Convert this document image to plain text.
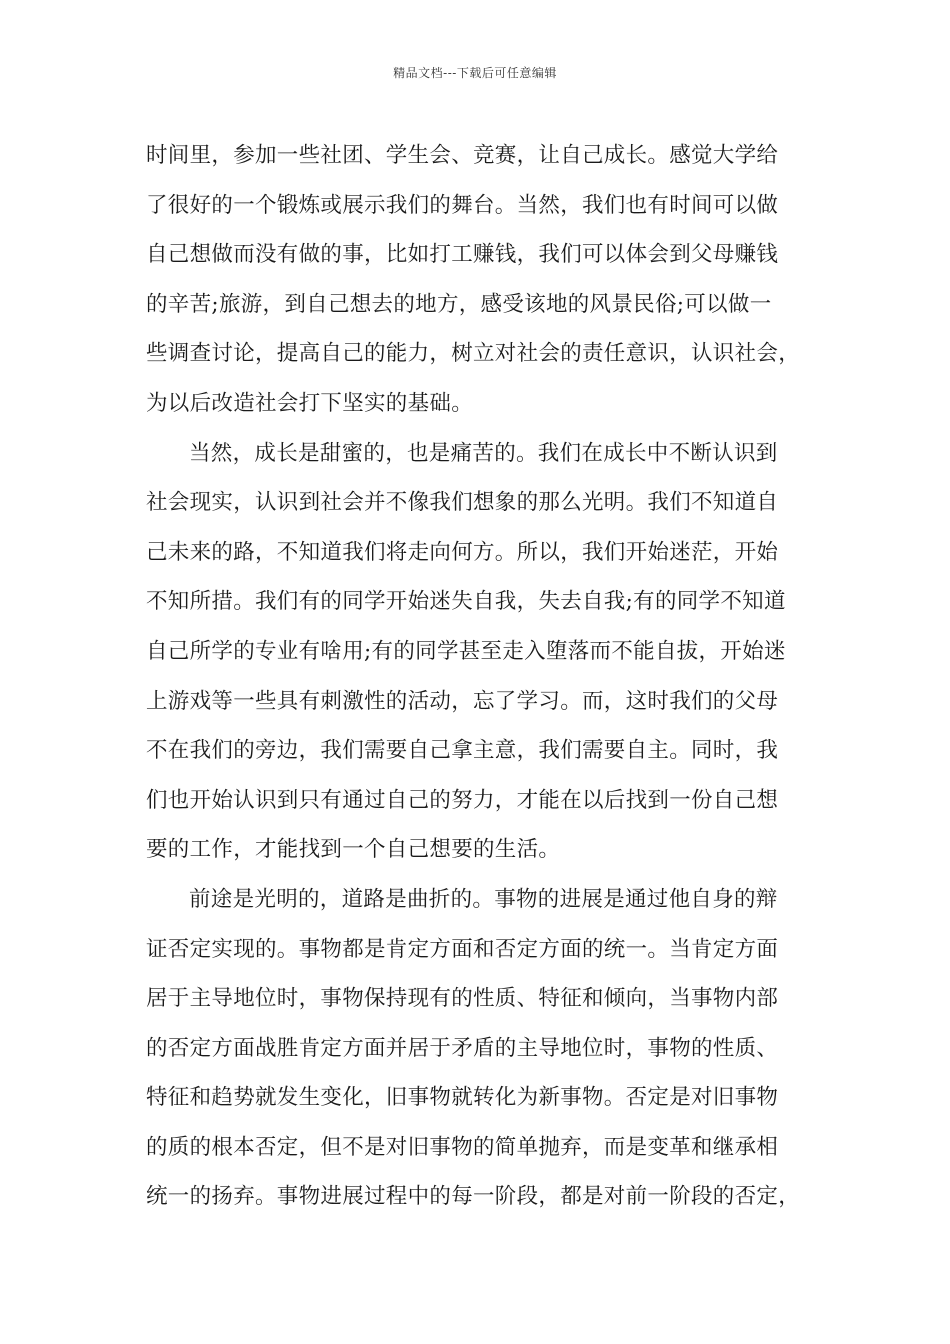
精品文档---下载后可任意编辑
时间里，参加一些社团、学生会、竞赛，让自己成长。感觉大学给
了很好的一个锻炼或展示我们的舞台。当然，我们也有时间可以做
自己想做而没有做的事，比如打工赚钱，我们可以体会到父母赚钱
的辛苦;旅游，到自己想去的地方，感受该地的风景民俗;可以做一
些调查讨论，提高自己的能力，树立对社会的责任意识，认识社会，
为以后改造社会打下坚实的基础。
当然，成长是甜蜜的，也是痛苦的。我们在成长中不断认识到
社会现实，认识到社会并不像我们想象的那么光明。我们不知道自
己未来的路，不知道我们将走向何方。所以，我们开始迷茫，开始
不知所措。我们有的同学开始迷失自我，失去自我;有的同学不知道
自己所学的专业有啥用;有的同学甚至走入堕落而不能自拔，开始迷
上游戏等一些具有刺激性的活动，忘了学习。而，这时我们的父母
不在我们的旁边，我们需要自己拿主意，我们需要自主。同时，我
们也开始认识到只有通过自己的努力，才能在以后找到一份自己想
要的工作，才能找到一个自己想要的生活。
前途是光明的，道路是曲折的。事物的进展是通过他自身的辩
证否定实现的。事物都是肯定方面和否定方面的统一。当肯定方面
居于主导地位时，事物保持现有的性质、特征和倾向，当事物内部
的否定方面战胜肯定方面并居于矛盾的主导地位时，事物的性质、
特征和趋势就发生变化，旧事物就转化为新事物。否定是对旧事物
的质的根本否定，但不是对旧事物的简单抛弃，而是变革和继承相
统一的扬弃。事物进展过程中的每一阶段，都是对前一阶段的否定，
